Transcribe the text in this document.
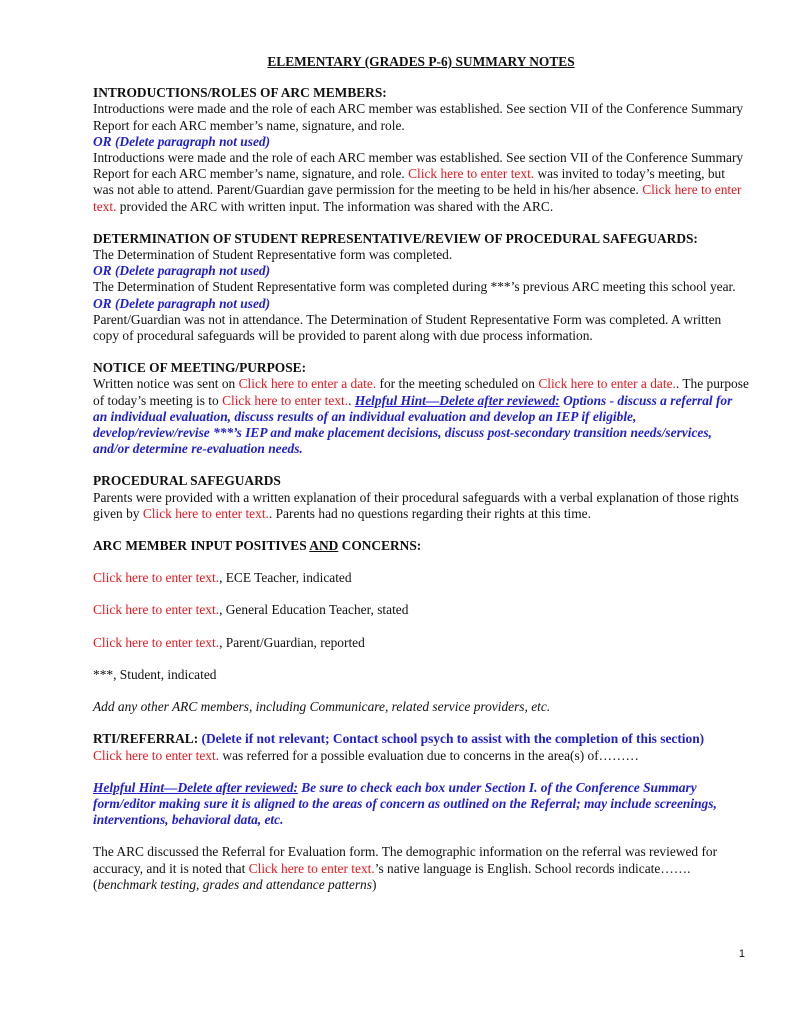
ELEMENTARY (GRADES P-6) SUMMARY NOTES
INTRODUCTIONS/ROLES OF ARC MEMBERS:
Introductions were made and the role of each ARC member was established. See section VII of the Conference Summary Report for each ARC member’s name, signature, and role.
OR (Delete paragraph not used)
Introductions were made and the role of each ARC member was established. See section VII of the Conference Summary Report for each ARC member’s name, signature, and role. Click here to enter text. was invited to today’s meeting, but was not able to attend. Parent/Guardian gave permission for the meeting to be held in his/her absence. Click here to enter text. provided the ARC with written input. The information was shared with the ARC.
DETERMINATION OF STUDENT REPRESENTATIVE/REVIEW OF PROCEDURAL SAFEGUARDS:
The Determination of Student Representative form was completed.
OR (Delete paragraph not used)
The Determination of Student Representative form was completed during ***’s previous ARC meeting this school year.
OR (Delete paragraph not used)
Parent/Guardian was not in attendance. The Determination of Student Representative Form was completed. A written copy of procedural safeguards will be provided to parent along with due process information.
NOTICE OF MEETING/PURPOSE:
Written notice was sent on Click here to enter a date. for the meeting scheduled on Click here to enter a date.. The purpose of today’s meeting is to Click here to enter text.. Helpful Hint—Delete after reviewed: Options - discuss a referral for an individual evaluation, discuss results of an individual evaluation and develop an IEP if eligible, develop/review/revise ***’s IEP and make placement decisions, discuss post-secondary transition needs/services, and/or determine re-evaluation needs.
PROCEDURAL SAFEGUARDS
Parents were provided with a written explanation of their procedural safeguards with a verbal explanation of those rights given by Click here to enter text.. Parents had no questions regarding their rights at this time.
ARC MEMBER INPUT POSITIVES AND CONCERNS:
Click here to enter text., ECE Teacher, indicated
Click here to enter text., General Education Teacher, stated
Click here to enter text., Parent/Guardian, reported
***, Student, indicated
Add any other ARC members, including Communicare, related service providers, etc.
RTI/REFERRAL: (Delete if not relevant; Contact school psych to assist with the completion of this section)
Click here to enter text. was referred for a possible evaluation due to concerns in the area(s) of………
Helpful Hint—Delete after reviewed: Be sure to check each box under Section I. of the Conference Summary form/editor making sure it is aligned to the areas of concern as outlined on the Referral; may include screenings, interventions, behavioral data, etc.
The ARC discussed the Referral for Evaluation form. The demographic information on the referral was reviewed for accuracy, and it is noted that Click here to enter text.’s native language is English. School records indicate……. (benchmark testing, grades and attendance patterns)
1
